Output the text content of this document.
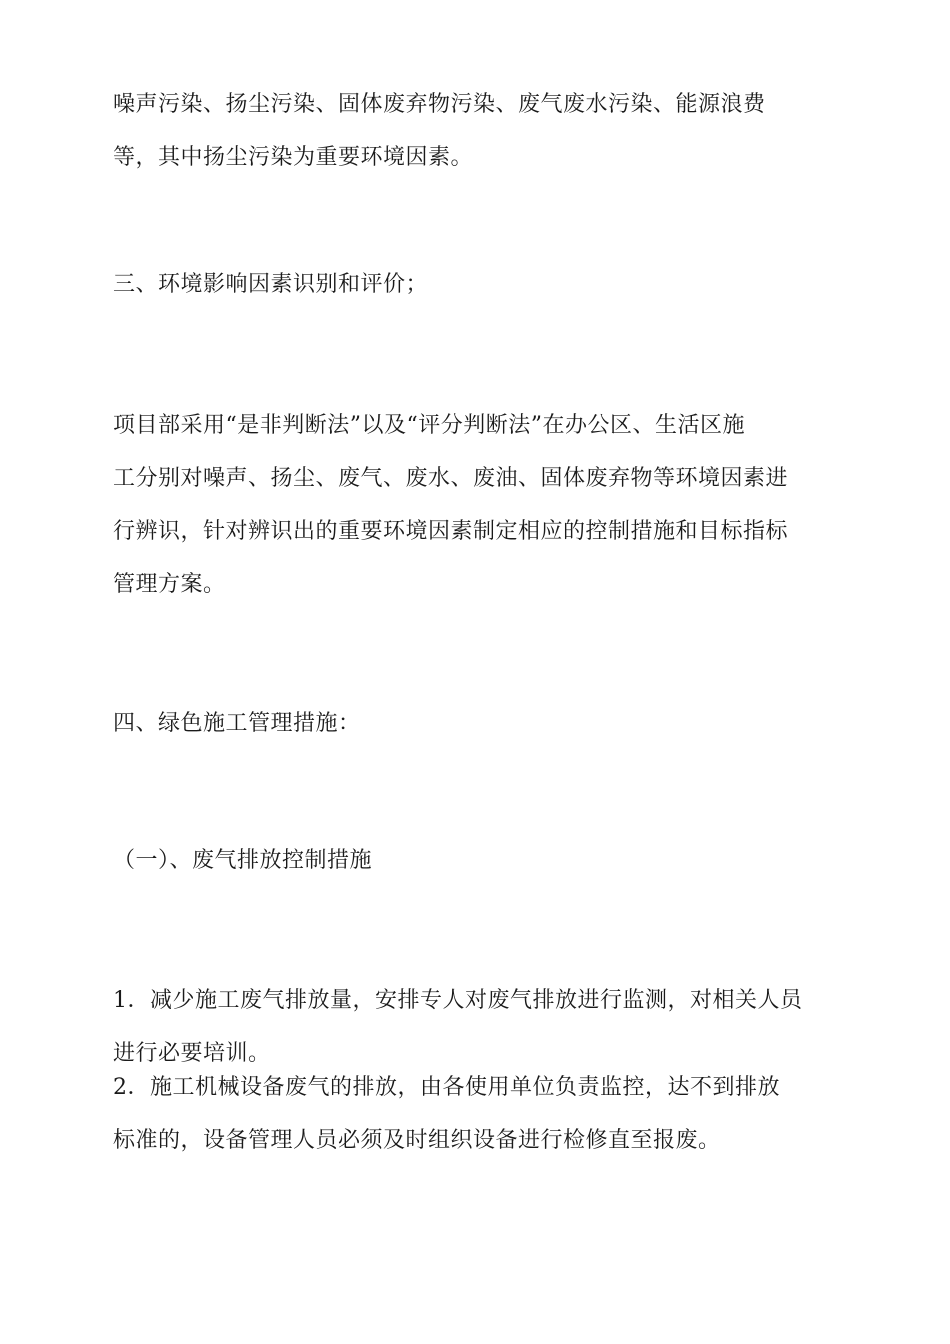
噪声污染、扬尘污染、固体废弃物污染、废气废水污染、能源浪费
等，其中扬尘污染为重要环境因素。
三、环境影响因素识别和评价；
项目部采用“是非判断法”以及“评分判断法”在办公区、生活区施
工分别对噪声、扬尘、废气、废水、废油、固体废弃物等环境因素进
行辨识，针对辨识出的重要环境因素制定相应的控制措施和目标指标
管理方案。
四、绿色施工管理措施：
（一）、废气排放控制措施
1．减少施工废气排放量，安排专人对废气排放进行监测，对相关人员
进行必要培训。
2．施工机械设备废气的排放，由各使用单位负责监控，达不到排放
标准的，设备管理人员必须及时组织设备进行检修直至报废。
